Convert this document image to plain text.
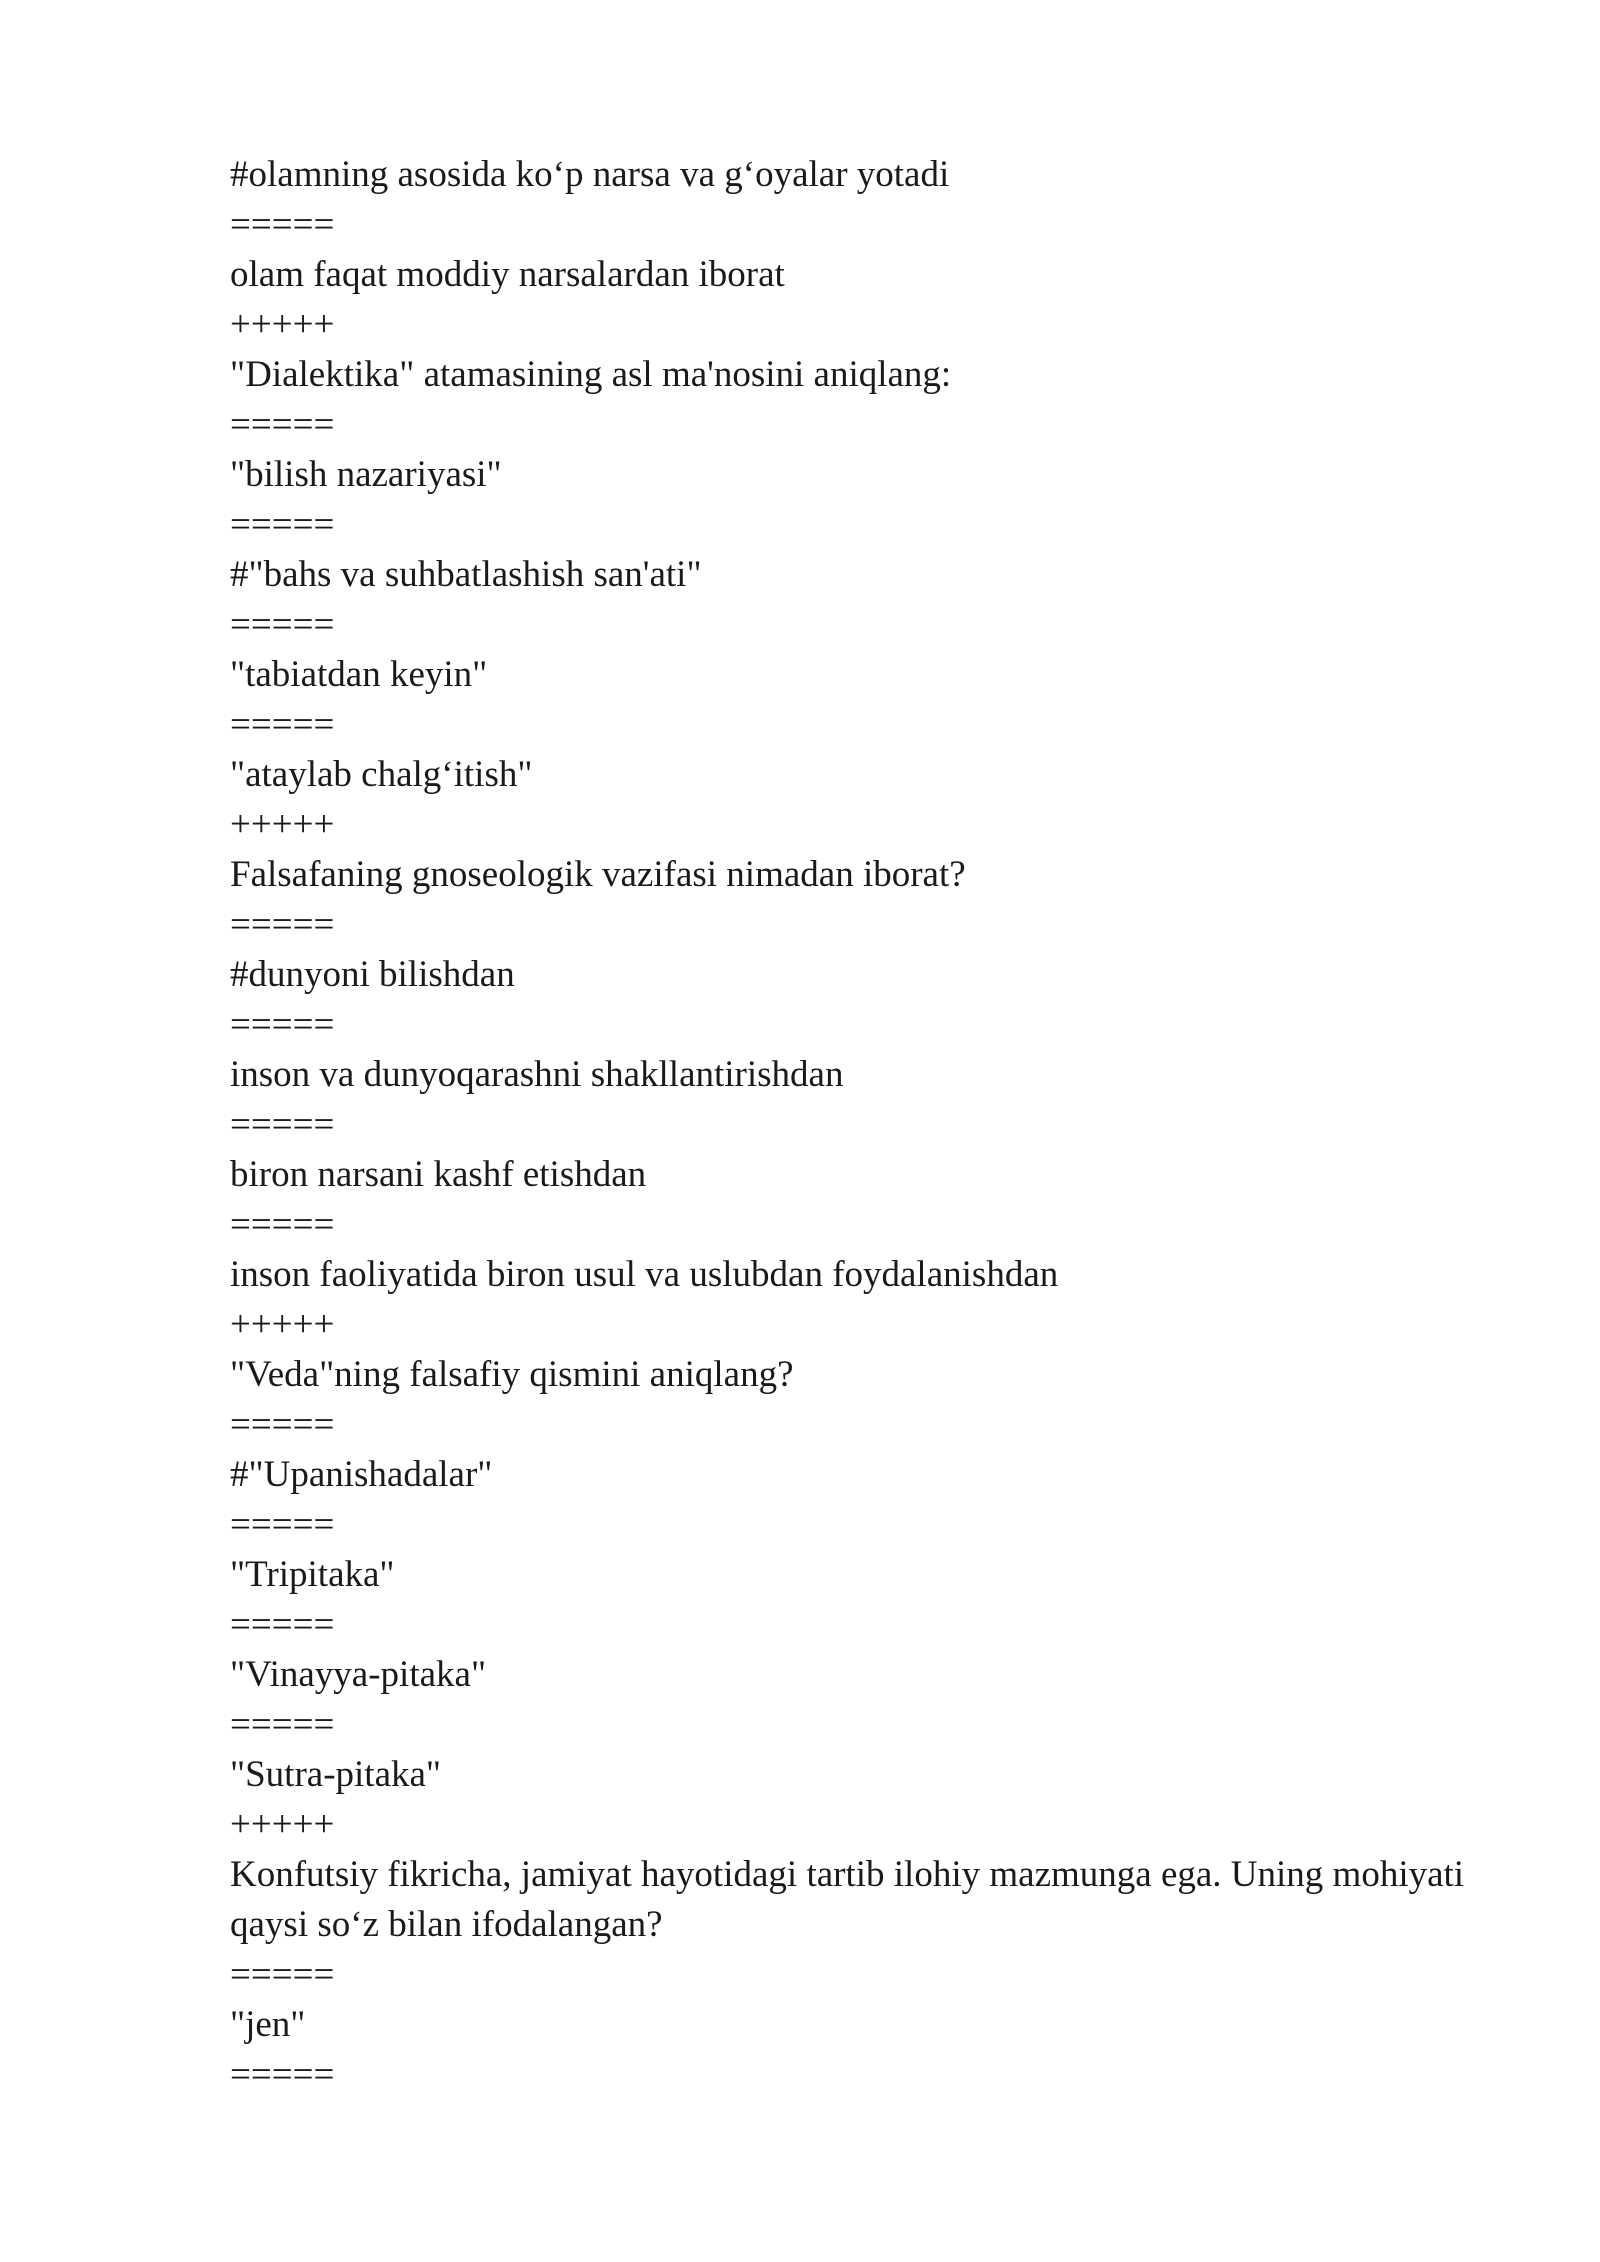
#olamning asosida ko‘p narsa va g‘oyalar yotadi
=====
olam faqat moddiy narsalardan iborat
+++++
"Dialektika" atamasining asl ma'nosini aniqlang:
=====
"bilish nazariyasi"
=====
#"bahs va suhbatlashish san'ati"
=====
"tabiatdan keyin"
=====
"ataylab chalg‘itish"
+++++
Falsafaning gnoseologik vazifasi nimadan iborat?
=====
#dunyoni bilishdan
=====
inson va dunyoqarashni shakllantirishdan
=====
biron narsani kashf etishdan
=====
inson faoliyatida biron usul va uslubdan foydalanishdan
+++++
"Veda"ning falsafiy qismini aniqlang?
=====
#"Upanishadalar"
=====
"Tripitaka"
=====
"Vinayya-pitaka"
=====
"Sutra-pitaka"
+++++
Konfutsiy fikricha, jamiyat hayotidagi tartib ilohiy mazmunga ega. Uning mohiyati qaysi so‘z bilan ifodalangan?
=====
"jen"
=====
